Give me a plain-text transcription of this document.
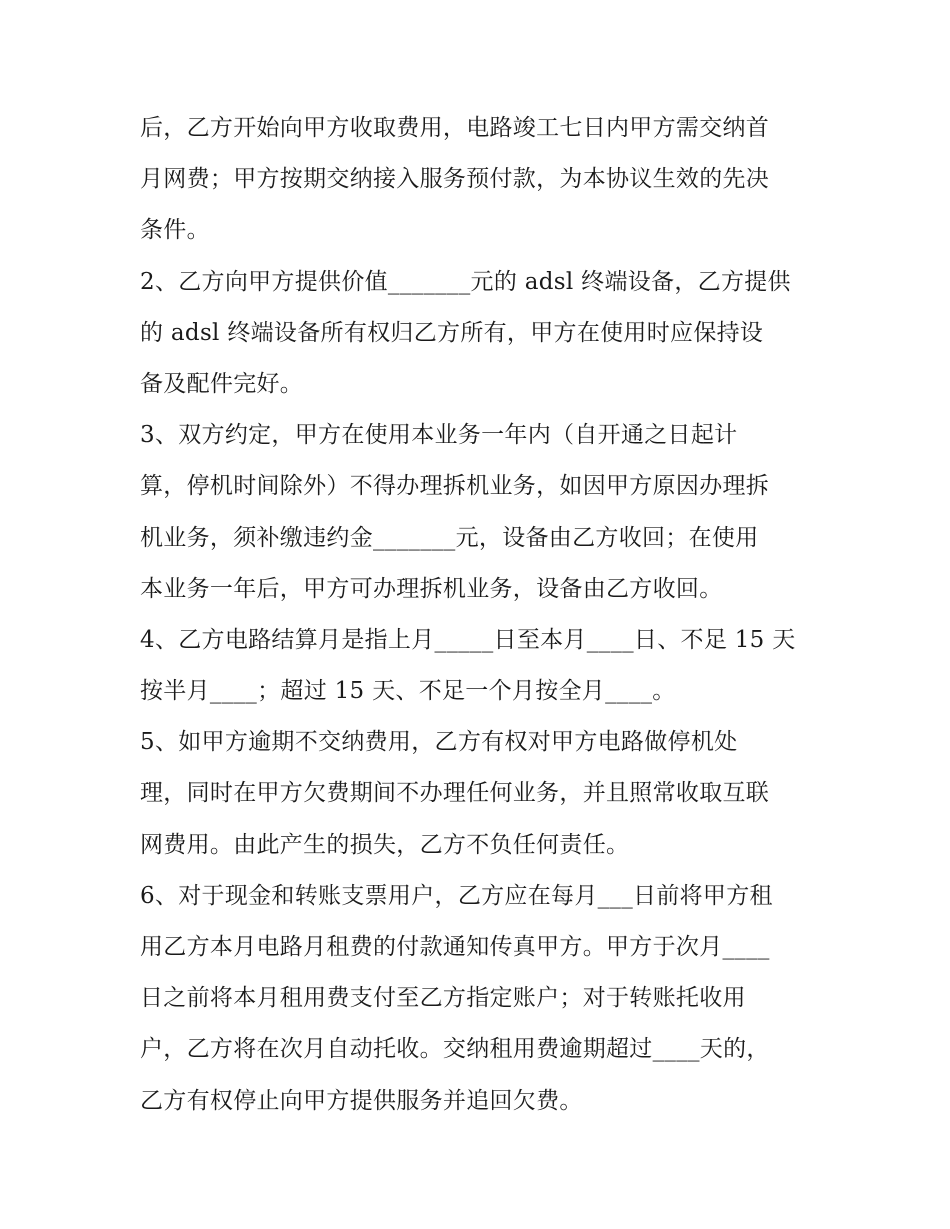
后，乙方开始向甲方收取费用，电路竣工七日内甲方需交纳首
月网费；甲方按期交纳接入服务预付款，为本协议生效的先决
条件。
2、乙方向甲方提供价值_______元的 adsl 终端设备，乙方提供
的 adsl 终端设备所有权归乙方所有，甲方在使用时应保持设
备及配件完好。
3、双方约定，甲方在使用本业务一年内（自开通之日起计
算，停机时间除外）不得办理拆机业务，如因甲方原因办理拆
机业务，须补缴违约金_______元，设备由乙方收回；在使用
本业务一年后，甲方可办理拆机业务，设备由乙方收回。
4、乙方电路结算月是指上月_____日至本月____日、不足 15 天
按半月____；超过 15 天、不足一个月按全月____。
5、如甲方逾期不交纳费用，乙方有权对甲方电路做停机处
理，同时在甲方欠费期间不办理任何业务，并且照常收取互联
网费用。由此产生的损失，乙方不负任何责任。
6、对于现金和转账支票用户，乙方应在每月___日前将甲方租
用乙方本月电路月租费的付款通知传真甲方。甲方于次月____
日之前将本月租用费支付至乙方指定账户；对于转账托收用
户，乙方将在次月自动托收。交纳租用费逾期超过____天的，
乙方有权停止向甲方提供服务并追回欠费。
